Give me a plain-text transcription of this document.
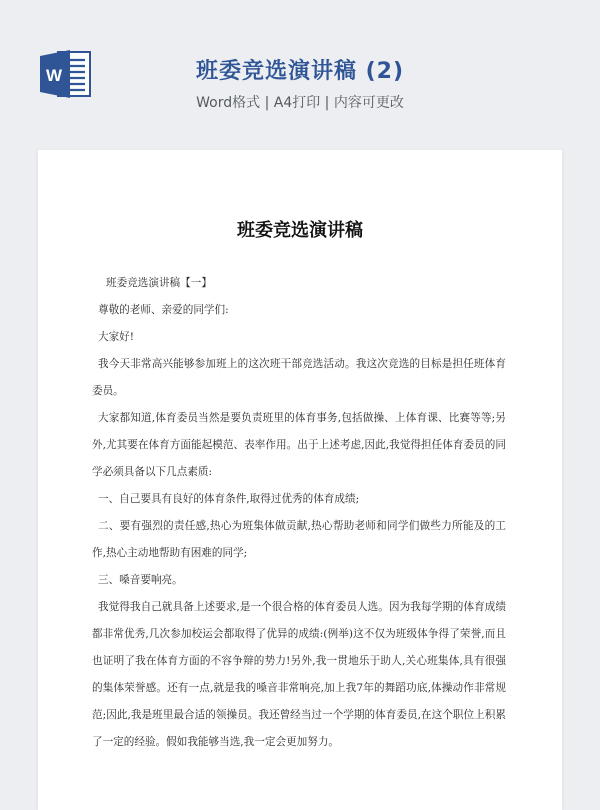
W	班委竞选演讲稿 (2)
Word格式 | A4打印 | 内容可更改
班委竞选演讲稿

班委竞选演讲稿【一】

尊敬的老师、亲爱的同学们:

大家好!

我今天非常高兴能够参加班上的这次班干部竞选活动。我这次竞选的目标是担任班体育委员。

大家都知道,体育委员当然是要负责班里的体育事务,包括做操、上体育课、比赛等等;另外,尤其要在体育方面能起模范、表率作用。出于上述考虑,因此,我觉得担任体育委员的同学必须具备以下几点素质:

一、自己要具有良好的体育条件,取得过优秀的体育成绩;

二、要有强烈的责任感,热心为班集体做贡献,热心帮助老师和同学们做些力所能及的工作,热心主动地帮助有困难的同学;

三、嗓音要响亮。

我觉得我自己就具备上述要求,是一个很合格的体育委员人选。因为我每学期的体育成绩都非常优秀,几次参加校运会都取得了优异的成绩:(例举)这不仅为班级体争得了荣誉,而且也证明了我在体育方面的不容争辩的势力!另外,我一贯地乐于助人,关心班集体,具有很强的集体荣誉感。还有一点,就是我的嗓音非常响亮,加上我7年的舞蹈功底,体操动作非常规范;因此,我是班里最合适的领操员。我还曾经当过一个学期的体育委员,在这个职位上积累了一定的经验。假如我能够当选,我一定会更加努力。
